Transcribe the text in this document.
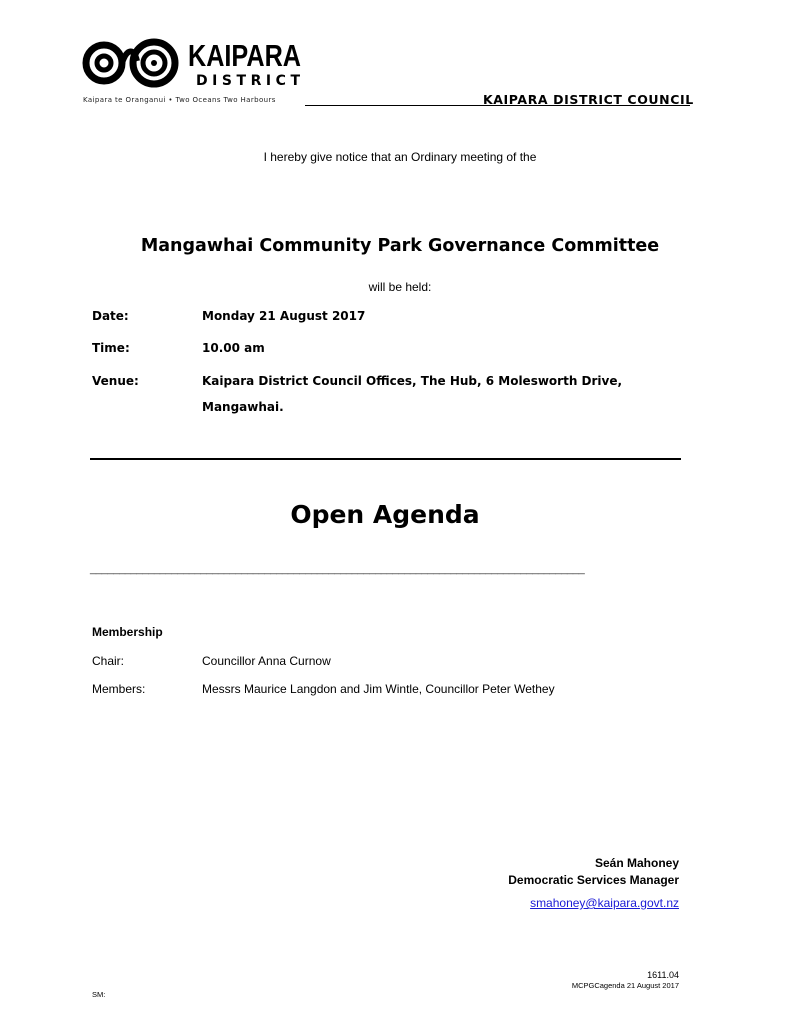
KAIPARA
DISTRICT
Kaipara te Oranganui • Two Oceans Two Harbours	KAIPARA DISTRICT COUNCIL
I hereby give notice that an Ordinary meeting of the
Mangawhai Community Park Governance Committee
will be held:
Date:	Monday 21 August 2017
Time:	10.00 am
Venue:	Kaipara District Council Offices, The Hub, 6 Molesworth Drive,
Mangawhai.
Open Agenda
_____________________________________________________________________________________
Membership
Chair:	Councillor Anna Curnow
Members:	Messrs Maurice Langdon and Jim Wintle, Councillor Peter Wethey
Seán Mahoney
Democratic Services Manager
smahoney@kaipara.govt.nz
1611.04
MCPGCagenda 21 August 2017
SM:
